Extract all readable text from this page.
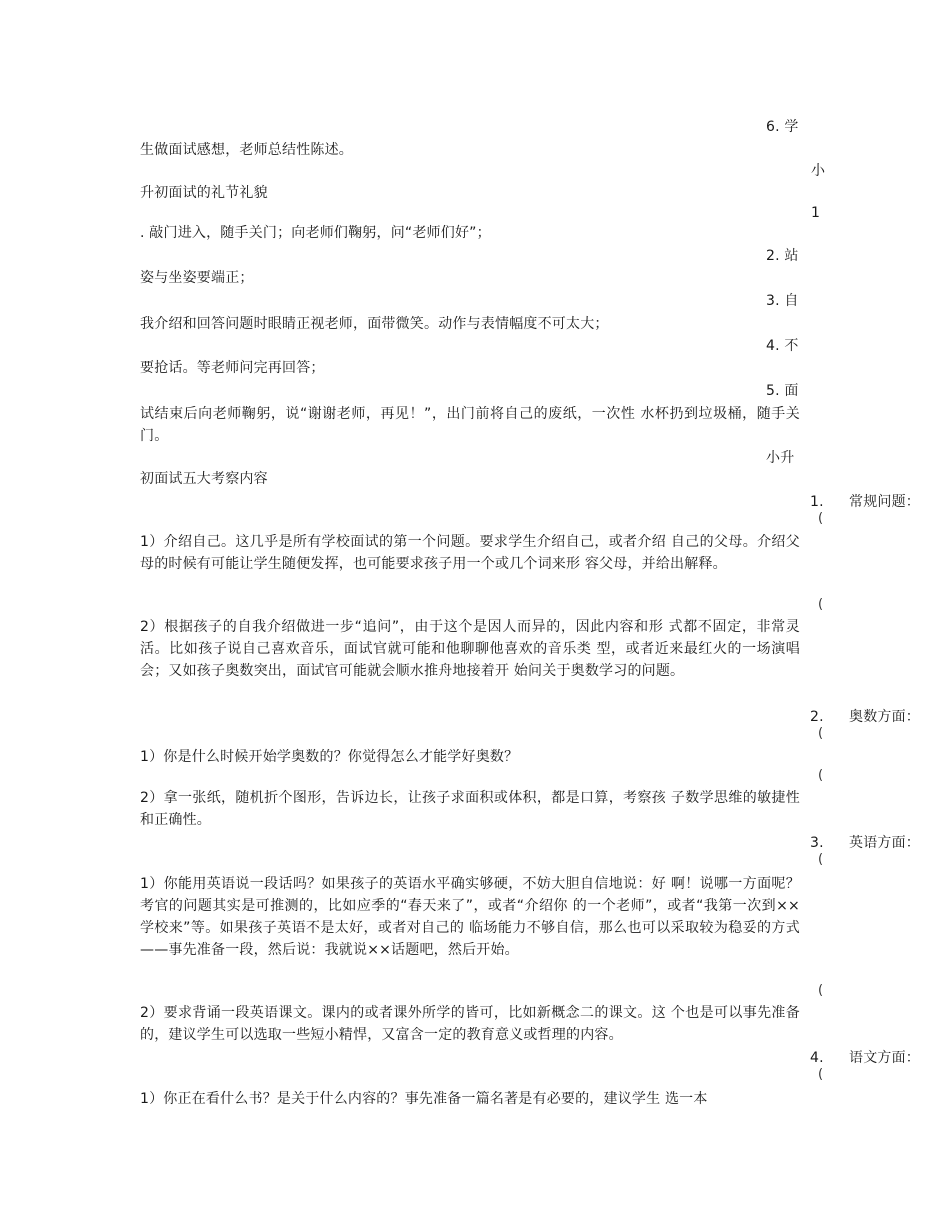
6. 学
小
1
2. 站
3. 自
4. 不
5. 面
小升
生做面试感想，老师总结性陈述。
升初面试的礼节礼貌
. 敲门进入，随手关门；向老师们鞠躬，问“老师们好”；
姿与坐姿要端正；
我介绍和回答问题时眼睛正视老师，面带微笑。动作与表情幅度不可太大；
要抢话。等老师问完再回答；
试结束后向老师鞠躬，说“谢谢老师，再见！”，出门前将自己的废纸，一次性 水杯扔到垃圾桶，随手关门。
初面试五大考察内容
1. 常规问题：
(
1）介绍自己。这几乎是所有学校面试的第一个问题。要求学生介绍自己，或者介绍 自己的父母。介绍父母的时候有可能让学生随便发挥，也可能要求孩子用一个或几个词来形 容父母，并给出解释。
(
2）根据孩子的自我介绍做进一步“追问”，由于这个是因人而异的，因此内容和形 式都不固定，非常灵活。比如孩子说自己喜欢音乐，面试官就可能和他聊聊他喜欢的音乐类 型，或者近来最红火的一场演唱会；又如孩子奥数突出，面试官可能就会顺水推舟地接着开 始问关于奥数学习的问题。
2. 奥数方面：
(
1）你是什么时候开始学奥数的？你觉得怎么才能学好奥数？
(
2）拿一张纸，随机折个图形，告诉边长，让孩子求面积或体积，都是口算，考察孩 子数学思维的敏捷性和正确性。
3. 英语方面：
(
1）你能用英语说一段话吗？如果孩子的英语水平确实够硬，不妨大胆自信地说：好 啊！说哪一方面呢？考官的问题其实是可推测的，比如应季的“春天来了”，或者“介绍你 的一个老师”，或者“我第一次到××学校来”等。如果孩子英语不是太好，或者对自己的 临场能力不够自信，那么也可以采取较为稳妥的方式——事先准备一段，然后说：我就说××话题吧，然后开始。
(
2）要求背诵一段英语课文。课内的或者课外所学的皆可，比如新概念二的课文。这 个也是可以事先准备的，建议学生可以选取一些短小精悍，又富含一定的教育意义或哲理的内容。
4. 语文方面：
(
1）你正在看什么书？是关于什么内容的？事先准备一篇名著是有必要的，建议学生 选一本
